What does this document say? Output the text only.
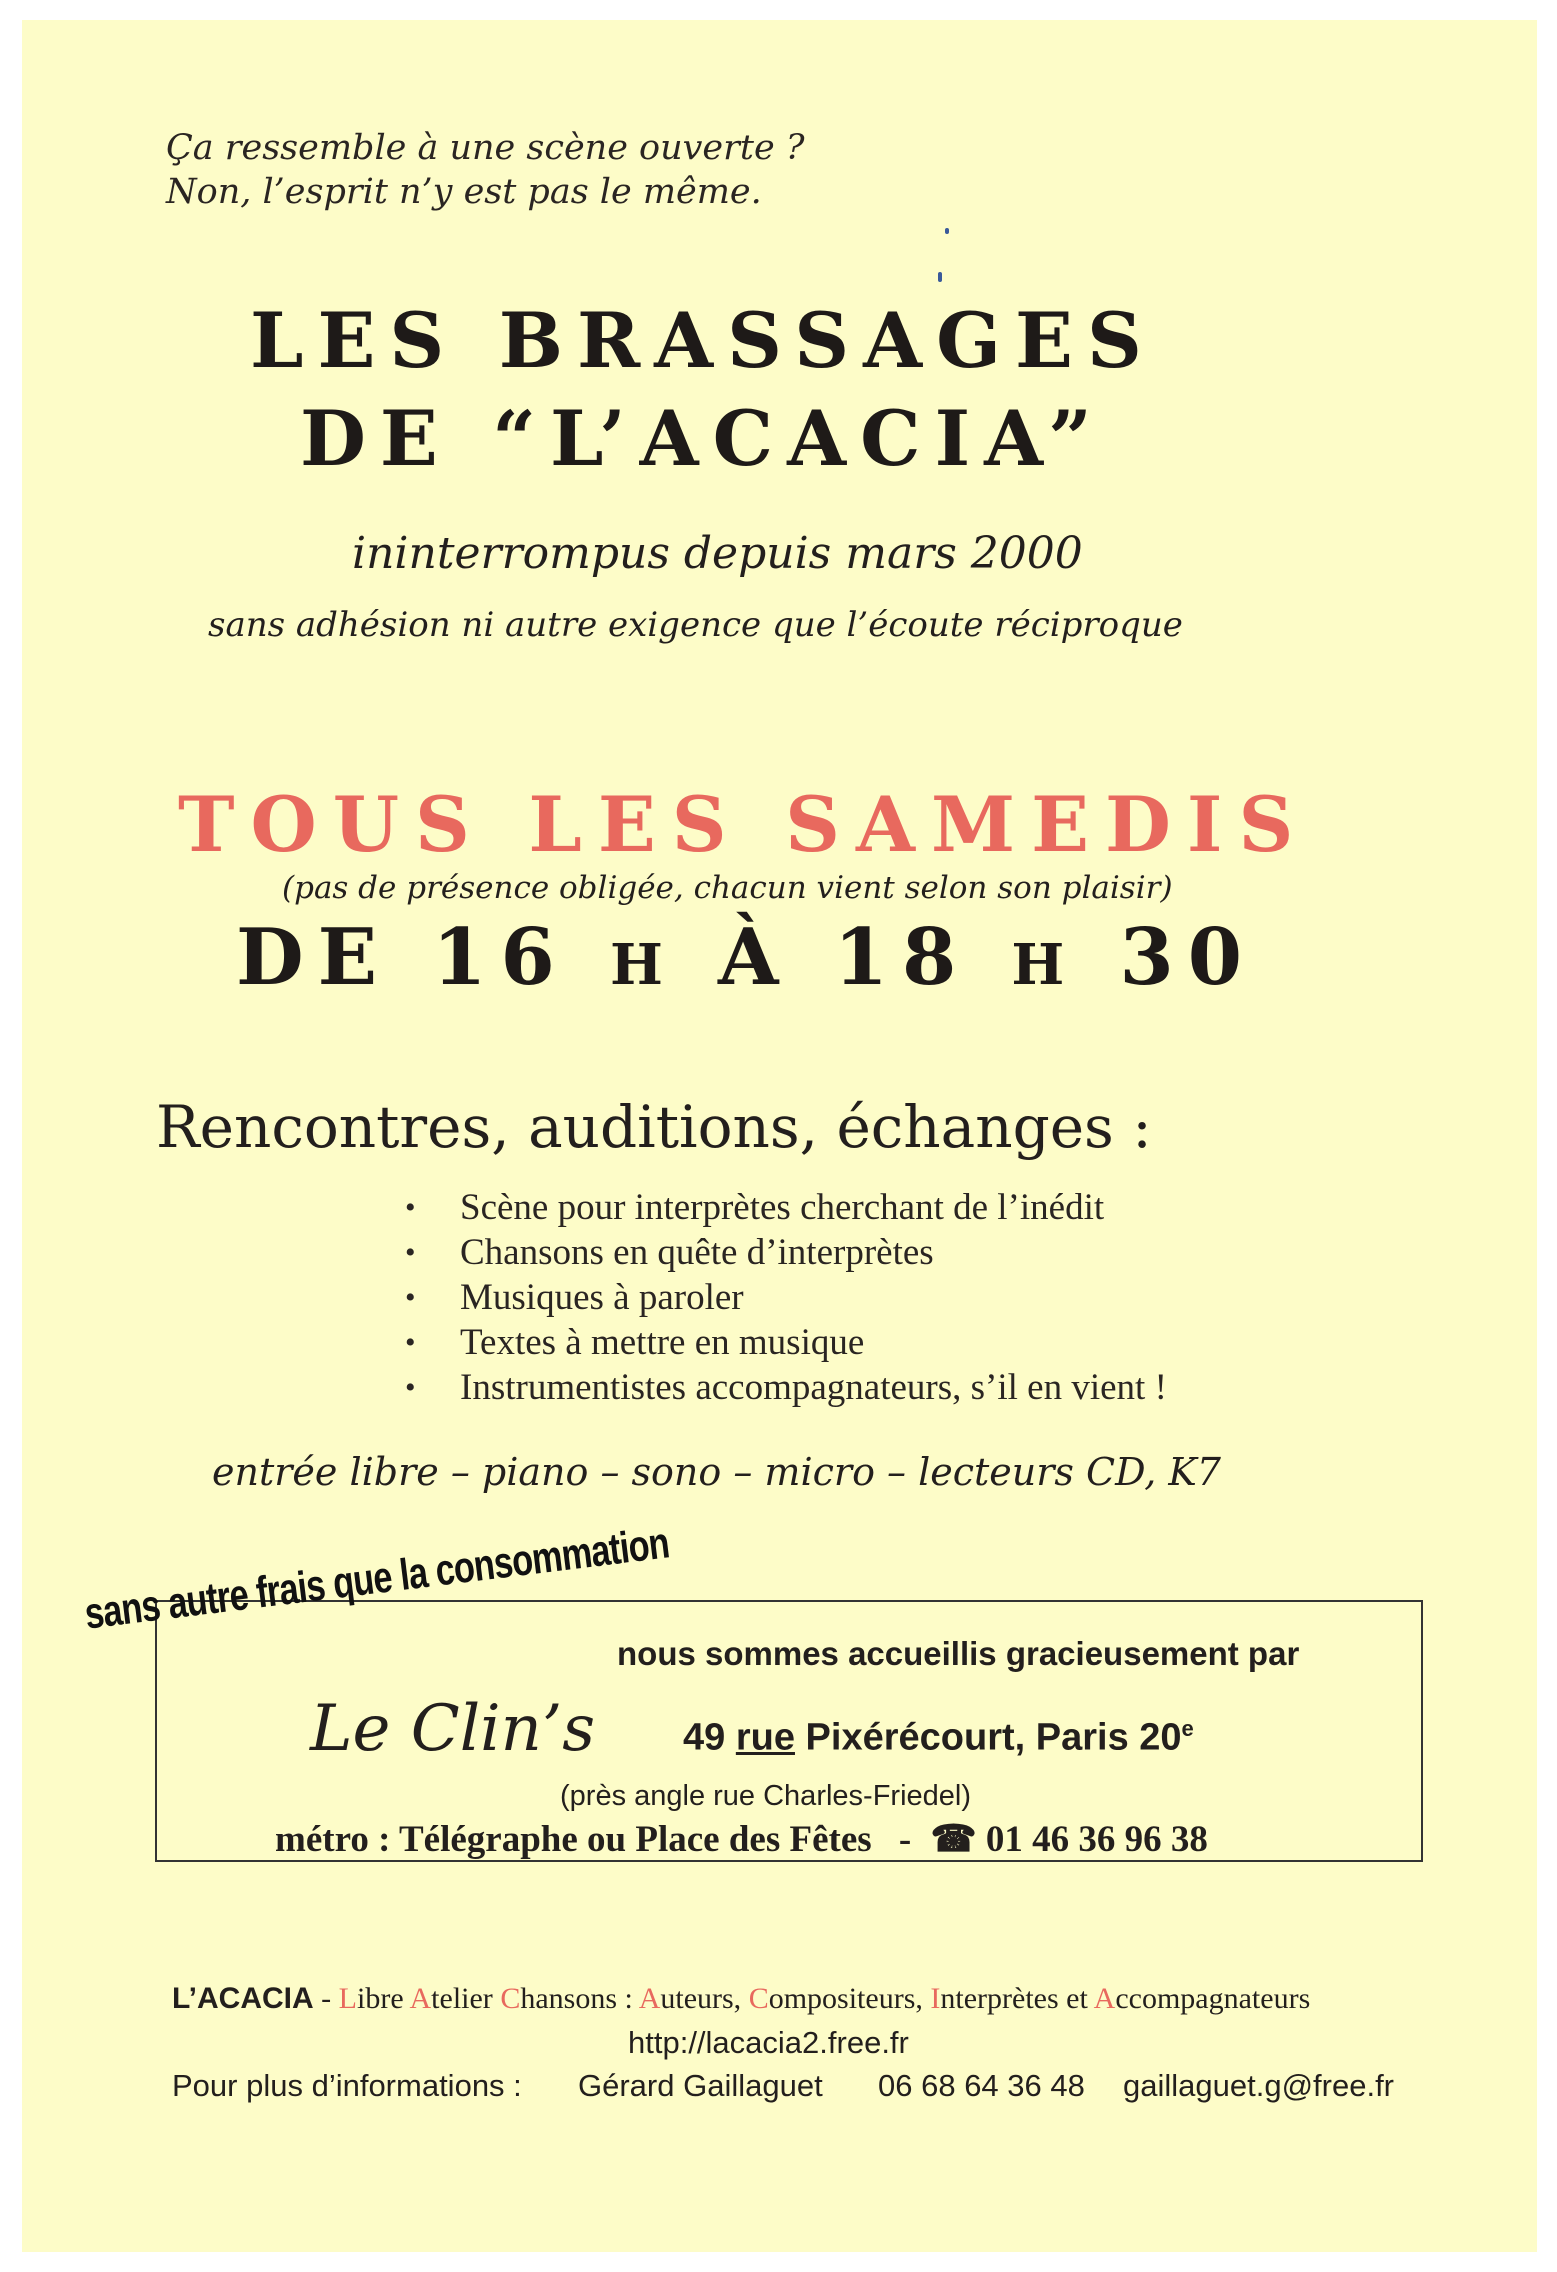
Ça ressemble à une scène ouverte ?
Non, l’esprit n’y est pas le même.
LES BRASSAGES
DE “L’ACACIA”
ininterrompus depuis mars 2000
sans adhésion ni autre exigence que l’écoute réciproque
TOUS LES SAMEDIS
(pas de présence obligée, chacun vient selon son plaisir)
DE 16 H À 18 H 30
Rencontres, auditions, échanges :
• Scène pour interprètes cherchant de l’inédit
• Chansons en quête d’interprètes
• Musiques à paroler
• Textes à mettre en musique
• Instrumentistes accompagnateurs, s’il en vient !
entrée libre – piano – sono – micro – lecteurs CD, K7
sans autre frais que la consommation
nous sommes accueillis gracieusement par
Le Clin’s 49 rue Pixérécourt, Paris 20e
(près angle rue Charles-Friedel)
métro : Télégraphe ou Place des Fêtes - ☎ 01 46 36 96 38
L’ACACIA - Libre Atelier Chansons : Auteurs, Compositeurs, Interprètes et Accompagnateurs
http://lacacia2.free.fr
Pour plus d’informations : Gérard Gaillaguet 06 68 64 36 48 gaillaguet.g@free.fr
